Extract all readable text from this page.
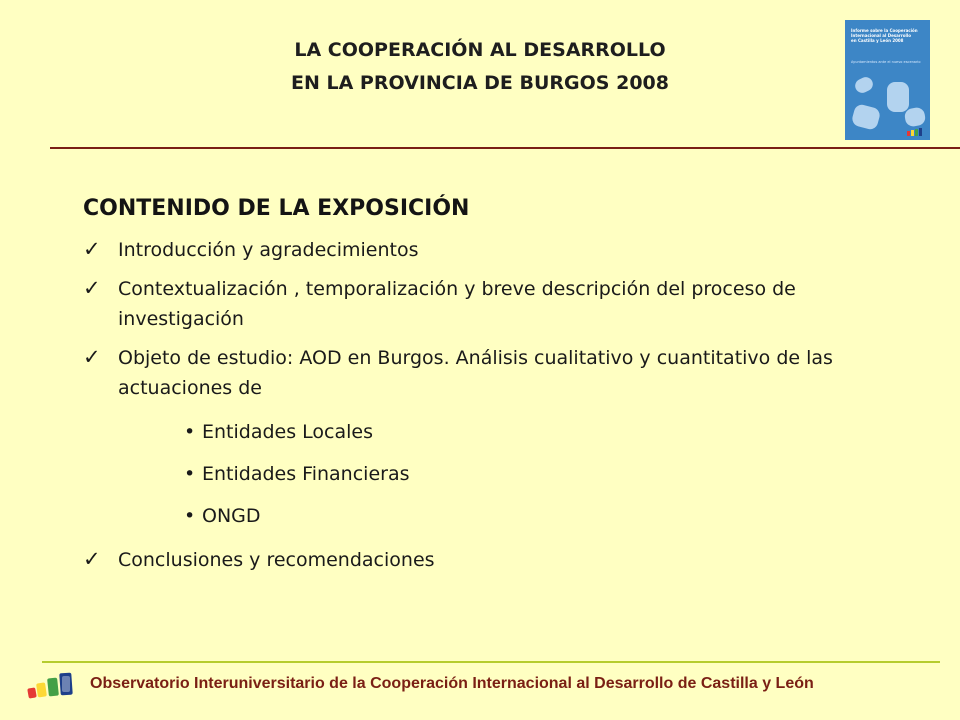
LA COOPERACIÓN AL DESARROLLO
EN LA PROVINCIA DE BURGOS 2008
Informe sobre la Cooperación
Internacional al Desarrollo
en Castilla y León 2008
Ayuntamientos ante el nuevo escenario
CONTENIDO DE LA EXPOSICIÓN
✓ Introducción y agradecimientos
✓ Contextualización , temporalización y breve descripción del proceso de investigación
✓ Objeto de estudio: AOD en Burgos. Análisis cualitativo y cuantitativo de las actuaciones de
• Entidades Locales
• Entidades Financieras
• ONGD
✓ Conclusiones y recomendaciones
Observatorio Interuniversitario de la Cooperación Internacional al Desarrollo de Castilla y León
